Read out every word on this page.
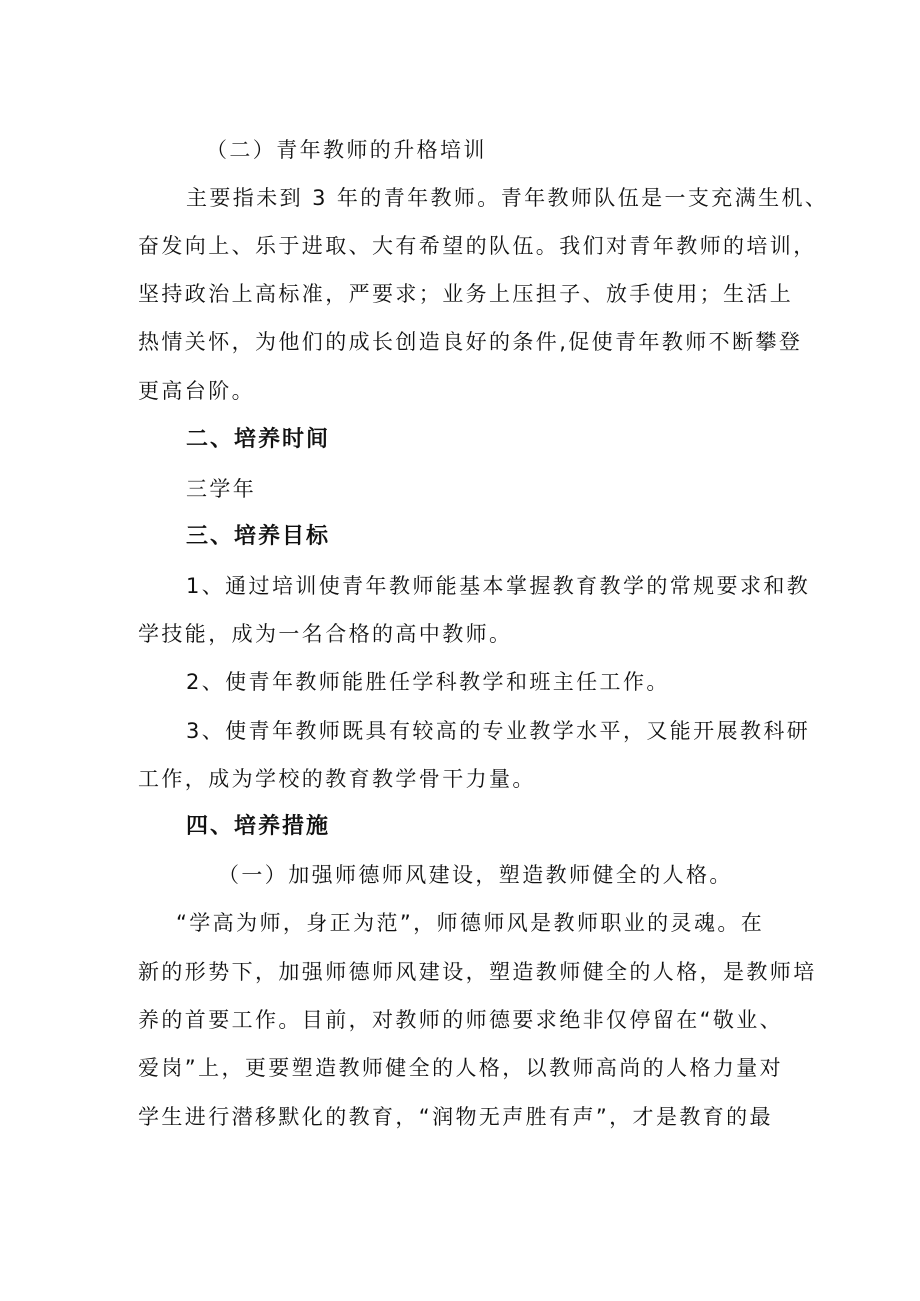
（二）青年教师的升格培训
主要指未到 3 年的青年教师。青年教师队伍是一支充满生机、
奋发向上、乐于进取、大有希望的队伍。我们对青年教师的培训，
坚持政治上高标准，严要求；业务上压担子、放手使用；生活上
热情关怀，为他们的成长创造良好的条件,促使青年教师不断攀登
更高台阶。
二、培养时间
三学年
三、培养目标
1、通过培训使青年教师能基本掌握教育教学的常规要求和教
学技能，成为一名合格的高中教师。
2、使青年教师能胜任学科教学和班主任工作。
3、使青年教师既具有较高的专业教学水平，又能开展教科研
工作，成为学校的教育教学骨干力量。
四、培养措施
（一）加强师德师风建设，塑造教师健全的人格。
“学高为师，身正为范”，师德师风是教师职业的灵魂。在
新的形势下，加强师德师风建设，塑造教师健全的人格，是教师培
养的首要工作。目前，对教师的师德要求绝非仅停留在“敬业、
爱岗”上，更要塑造教师健全的人格，以教师高尚的人格力量对
学生进行潜移默化的教育，“润物无声胜有声”，才是教育的最
